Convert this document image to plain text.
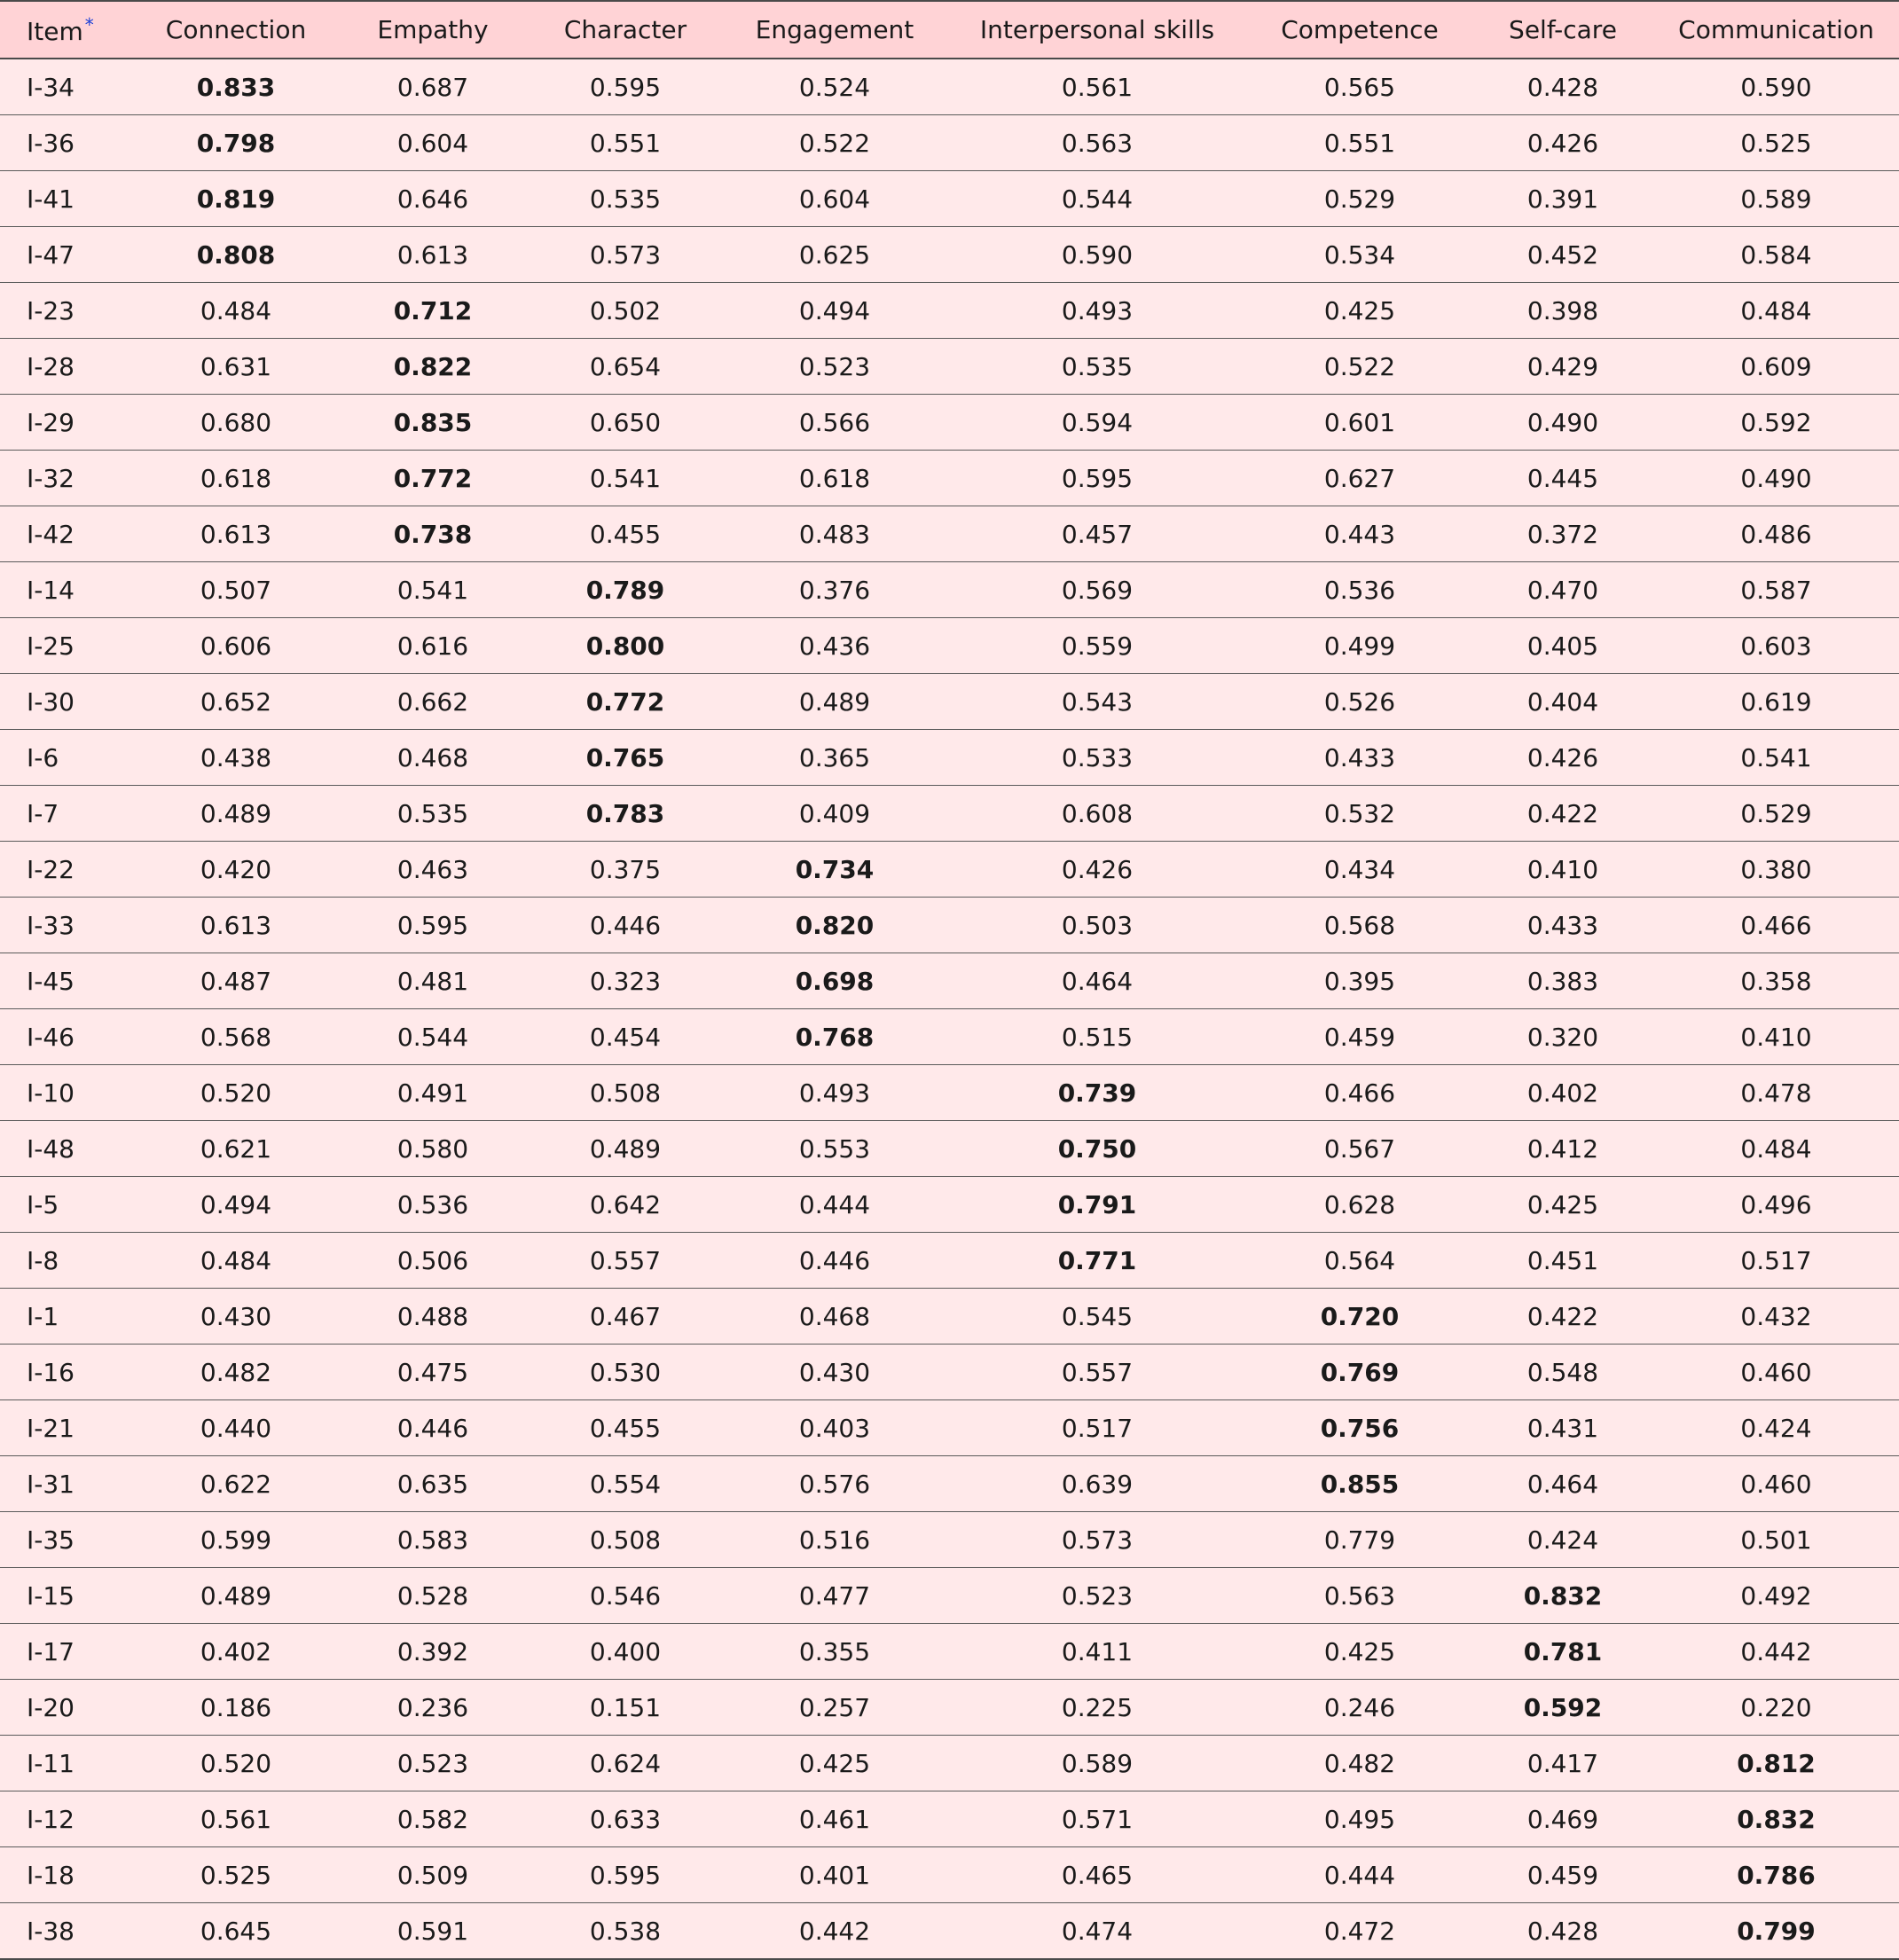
Item *	Connection	Empathy	Character	Engagement	Interpersonal skills	Competence	Self-care	Communication
I-34	0.833	0.687	0.595	0.524	0.561	0.565	0.428	0.590
I-36	0.798	0.604	0.551	0.522	0.563	0.551	0.426	0.525
I-41	0.819	0.646	0.535	0.604	0.544	0.529	0.391	0.589
I-47	0.808	0.613	0.573	0.625	0.590	0.534	0.452	0.584
I-23	0.484	0.712	0.502	0.494	0.493	0.425	0.398	0.484
I-28	0.631	0.822	0.654	0.523	0.535	0.522	0.429	0.609
I-29	0.680	0.835	0.650	0.566	0.594	0.601	0.490	0.592
I-32	0.618	0.772	0.541	0.618	0.595	0.627	0.445	0.490
I-42	0.613	0.738	0.455	0.483	0.457	0.443	0.372	0.486
I-14	0.507	0.541	0.789	0.376	0.569	0.536	0.470	0.587
I-25	0.606	0.616	0.800	0.436	0.559	0.499	0.405	0.603
I-30	0.652	0.662	0.772	0.489	0.543	0.526	0.404	0.619
I-6	0.438	0.468	0.765	0.365	0.533	0.433	0.426	0.541
I-7	0.489	0.535	0.783	0.409	0.608	0.532	0.422	0.529
I-22	0.420	0.463	0.375	0.734	0.426	0.434	0.410	0.380
I-33	0.613	0.595	0.446	0.820	0.503	0.568	0.433	0.466
I-45	0.487	0.481	0.323	0.698	0.464	0.395	0.383	0.358
I-46	0.568	0.544	0.454	0.768	0.515	0.459	0.320	0.410
I-10	0.520	0.491	0.508	0.493	0.739	0.466	0.402	0.478
I-48	0.621	0.580	0.489	0.553	0.750	0.567	0.412	0.484
I-5	0.494	0.536	0.642	0.444	0.791	0.628	0.425	0.496
I-8	0.484	0.506	0.557	0.446	0.771	0.564	0.451	0.517
I-1	0.430	0.488	0.467	0.468	0.545	0.720	0.422	0.432
I-16	0.482	0.475	0.530	0.430	0.557	0.769	0.548	0.460
I-21	0.440	0.446	0.455	0.403	0.517	0.756	0.431	0.424
I-31	0.622	0.635	0.554	0.576	0.639	0.855	0.464	0.460
I-35	0.599	0.583	0.508	0.516	0.573	0.779	0.424	0.501
I-15	0.489	0.528	0.546	0.477	0.523	0.563	0.832	0.492
I-17	0.402	0.392	0.400	0.355	0.411	0.425	0.781	0.442
I-20	0.186	0.236	0.151	0.257	0.225	0.246	0.592	0.220
I-11	0.520	0.523	0.624	0.425	0.589	0.482	0.417	0.812
I-12	0.561	0.582	0.633	0.461	0.571	0.495	0.469	0.832
I-18	0.525	0.509	0.595	0.401	0.465	0.444	0.459	0.786
I-38	0.645	0.591	0.538	0.442	0.474	0.472	0.428	0.799
